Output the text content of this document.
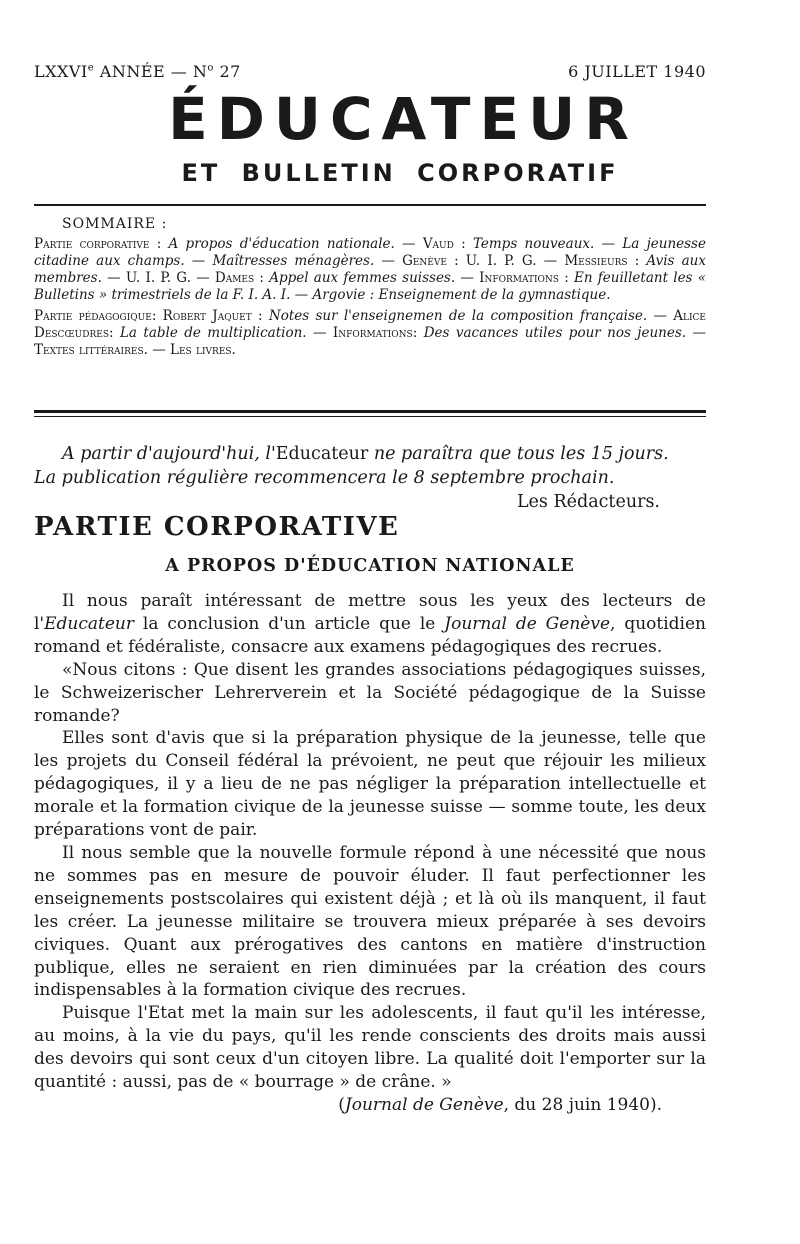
LXXVIe ANNÉE — $N^o$ 27	6 JUILLET 1940
ÉDUCATEUR
ET BULLETIN CORPORATIF
SOMMAIRE :

Partie corporative : A propos d'éducation nationale. — Vaud : Temps nouveaux. — La jeunesse citadine aux champs. — Maîtresses ménagères. — Genève : U. I. P. G. — Messieurs : Avis aux membres. — U. I. P. G. — Dames : Appel aux femmes suisses. — Informations : En feuilletant les « Bulletins » trimestriels de la F. I. A. I. — Argovie : Enseignement de la gymnastique.

Partie pédagogique: Robert Jaquet : Notes sur l'enseignemen de la composition française. — Alice Descœudres: La table de multiplication. — Informations: Des vacances utiles pour nos jeunes. — Textes littéraires. — Les livres.

A partir d'aujourd'hui, l'Educateur ne paraîtra que tous les 15 jours.
La publication régulière recommencera le 8 septembre prochain.
Les Rédacteurs.
PARTIE CORPORATIVE
A PROPOS D'ÉDUCATION NATIONALE

Il nous paraît intéressant de mettre sous les yeux des lecteurs de l'Educateur la conclusion d'un article que le Journal de Genève, quotidien romand et fédéraliste, consacre aux examens pédagogiques des recrues.

«Nous citons : Que disent les grandes associations pédagogiques suisses, le Schweizerischer Lehrerverein et la Société pédagogique de la Suisse romande?

Elles sont d'avis que si la préparation physique de la jeunesse, telle que les projets du Conseil fédéral la prévoient, ne peut que réjouir les milieux pédagogiques, il y a lieu de ne pas négliger la préparation intellectuelle et morale et la formation civique de la jeunesse suisse — somme toute, les deux préparations vont de pair.

Il nous semble que la nouvelle formule répond à une nécessité que nous ne sommes pas en mesure de pouvoir éluder. Il faut perfectionner les enseignements postscolaires qui existent déjà ; et là où ils manquent, il faut les créer. La jeunesse militaire se trouvera mieux préparée à ses devoirs civiques. Quant aux prérogatives des cantons en matière d'instruction publique, elles ne seraient en rien diminuées par la création des cours indispensables à la formation civique des recrues.

Puisque l'Etat met la main sur les adolescents, il faut qu'il les intéresse, au moins, à la vie du pays, qu'il les rende conscients des droits mais aussi des devoirs qui sont ceux d'un citoyen libre. La qualité doit l'emporter sur la quantité : aussi, pas de « bourrage » de crâne. »

(Journal de Genève, du 28 juin 1940).
